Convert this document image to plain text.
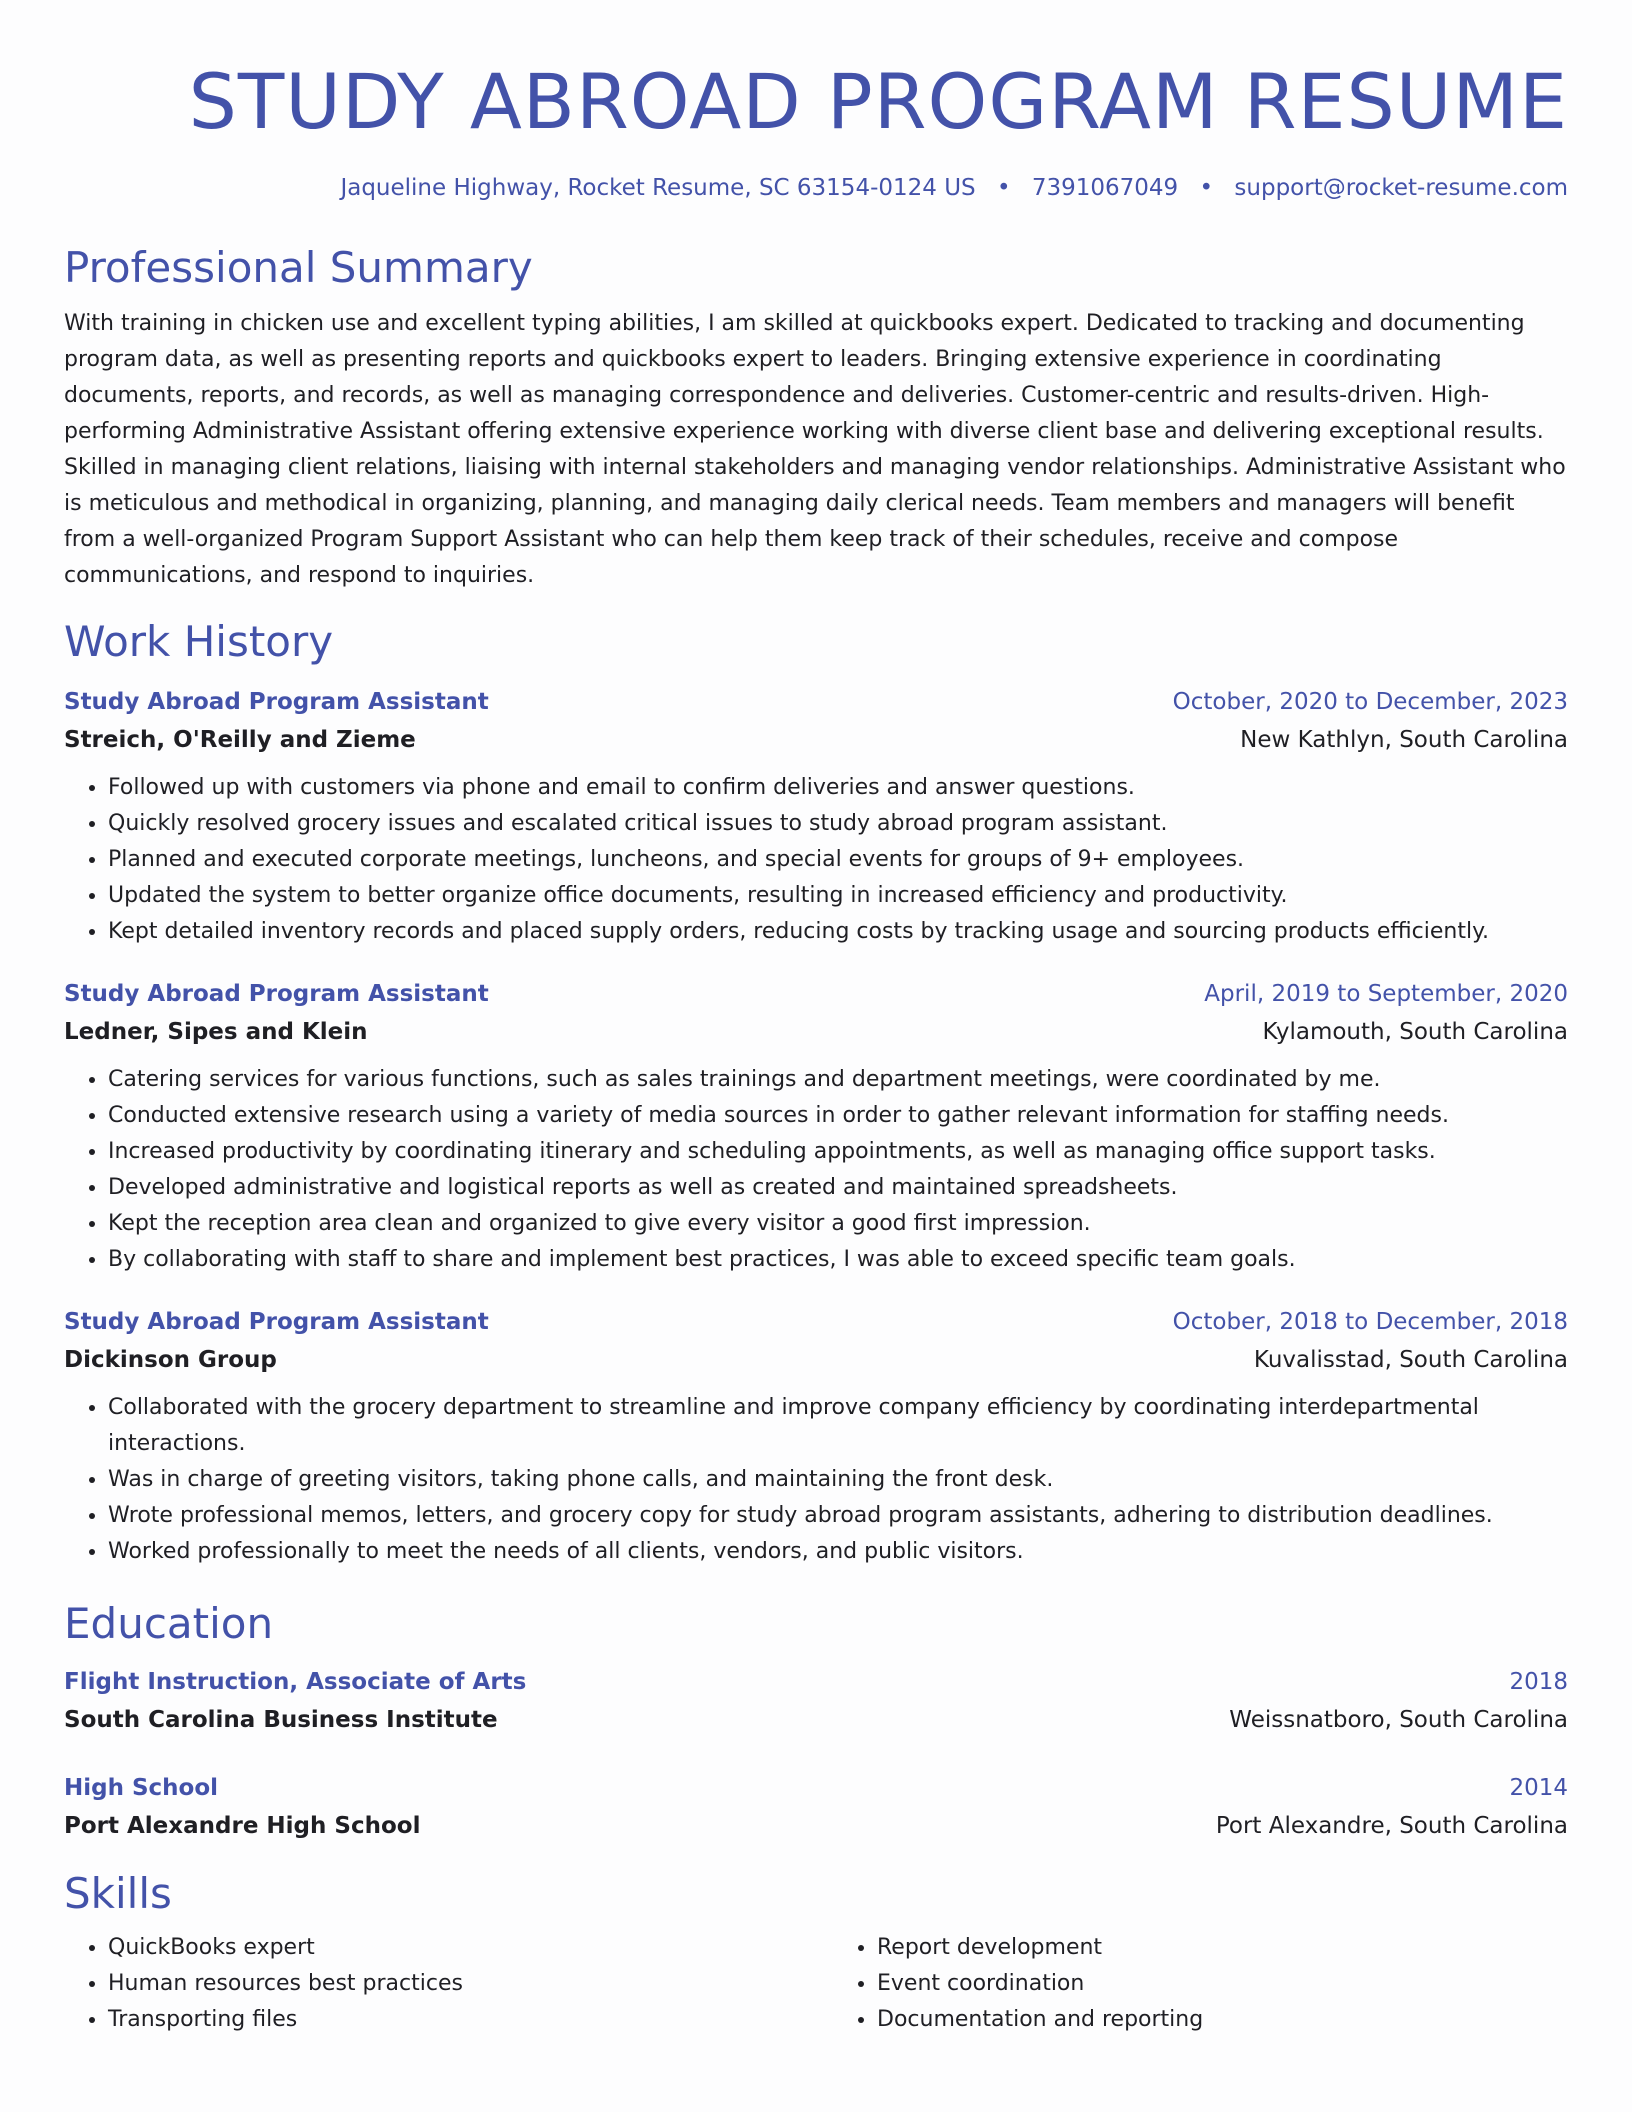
STUDY ABROAD PROGRAM RESUME
Jaqueline Highway, Rocket Resume, SC 63154-0124 US • 7391067049 • support@rocket-resume.com
Professional Summary
With training in chicken use and excellent typing abilities, I am skilled at quickbooks expert. Dedicated to tracking and documenting program data, as well as presenting reports and quickbooks expert to leaders. Bringing extensive experience in coordinating documents, reports, and records, as well as managing correspondence and deliveries. Customer-centric and results-driven. High-performing Administrative Assistant offering extensive experience working with diverse client base and delivering exceptional results. Skilled in managing client relations, liaising with internal stakeholders and managing vendor relationships. Administrative Assistant who is meticulous and methodical in organizing, planning, and managing daily clerical needs. Team members and managers will benefit from a well-organized Program Support Assistant who can help them keep track of their schedules, receive and compose communications, and respond to inquiries.
Work History
Study Abroad Program Assistant	October, 2020 to December, 2023
Streich, O'Reilly and Zieme	New Kathlyn, South Carolina
• Followed up with customers via phone and email to confirm deliveries and answer questions.
• Quickly resolved grocery issues and escalated critical issues to study abroad program assistant.
• Planned and executed corporate meetings, luncheons, and special events for groups of 9+ employees.
• Updated the system to better organize office documents, resulting in increased efficiency and productivity.
• Kept detailed inventory records and placed supply orders, reducing costs by tracking usage and sourcing products efficiently.
Study Abroad Program Assistant	April, 2019 to September, 2020
Ledner, Sipes and Klein	Kylamouth, South Carolina
• Catering services for various functions, such as sales trainings and department meetings, were coordinated by me.
• Conducted extensive research using a variety of media sources in order to gather relevant information for staffing needs.
• Increased productivity by coordinating itinerary and scheduling appointments, as well as managing office support tasks.
• Developed administrative and logistical reports as well as created and maintained spreadsheets.
• Kept the reception area clean and organized to give every visitor a good first impression.
• By collaborating with staff to share and implement best practices, I was able to exceed specific team goals.
Study Abroad Program Assistant	October, 2018 to December, 2018
Dickinson Group	Kuvalisstad, South Carolina
• Collaborated with the grocery department to streamline and improve company efficiency by coordinating interdepartmental interactions.
• Was in charge of greeting visitors, taking phone calls, and maintaining the front desk.
• Wrote professional memos, letters, and grocery copy for study abroad program assistants, adhering to distribution deadlines.
• Worked professionally to meet the needs of all clients, vendors, and public visitors.
Education
Flight Instruction, Associate of Arts	2018
South Carolina Business Institute	Weissnatboro, South Carolina
High School	2014
Port Alexandre High School	Port Alexandre, South Carolina
Skills
• QuickBooks expert
• Human resources best practices
• Transporting files
• Report development
• Event coordination
• Documentation and reporting
